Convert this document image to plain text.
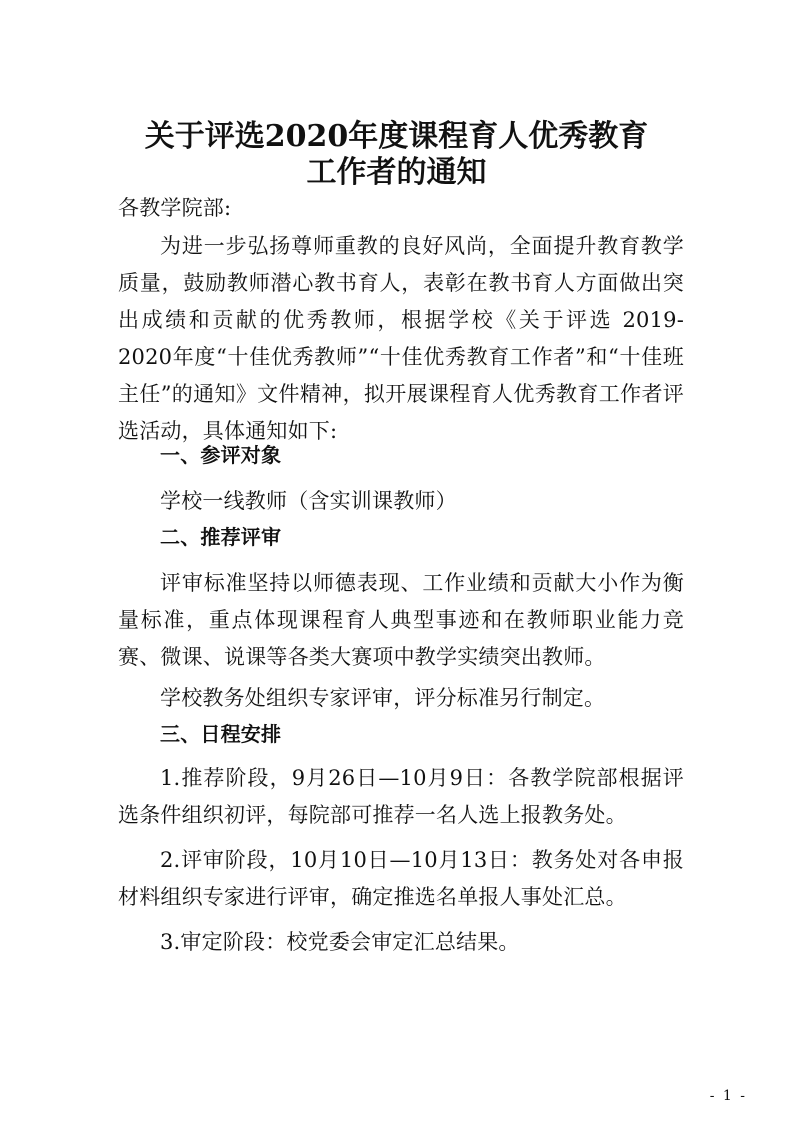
关于评选2020年度课程育人优秀教育
工作者的通知
各教学院部:
为进一步弘扬尊师重教的良好风尚，全面提升教育教学质量，鼓励教师潜心教书育人，表彰在教书育人方面做出突出成绩和贡献的优秀教师，根据学校《关于评选 2019-2020年度“十佳优秀教师”“十佳优秀教育工作者”和“十佳班主任”的通知》文件精神，拟开展课程育人优秀教育工作者评选活动，具体通知如下:
一、参评对象
学校一线教师（含实训课教师）
二、推荐评审
评审标准坚持以师德表现、工作业绩和贡献大小作为衡量标准，重点体现课程育人典型事迹和在教师职业能力竞赛、微课、说课等各类大赛项中教学实绩突出教师。
学校教务处组织专家评审，评分标准另行制定。
三、日程安排
1.推荐阶段，9月26日—10月9日：各教学院部根据评选条件组织初评，每院部可推荐一名人选上报教务处。
2.评审阶段，10月10日—10月13日：教务处对各申报材料组织专家进行评审，确定推选名单报人事处汇总。
3.审定阶段：校党委会审定汇总结果。
- 1 -
